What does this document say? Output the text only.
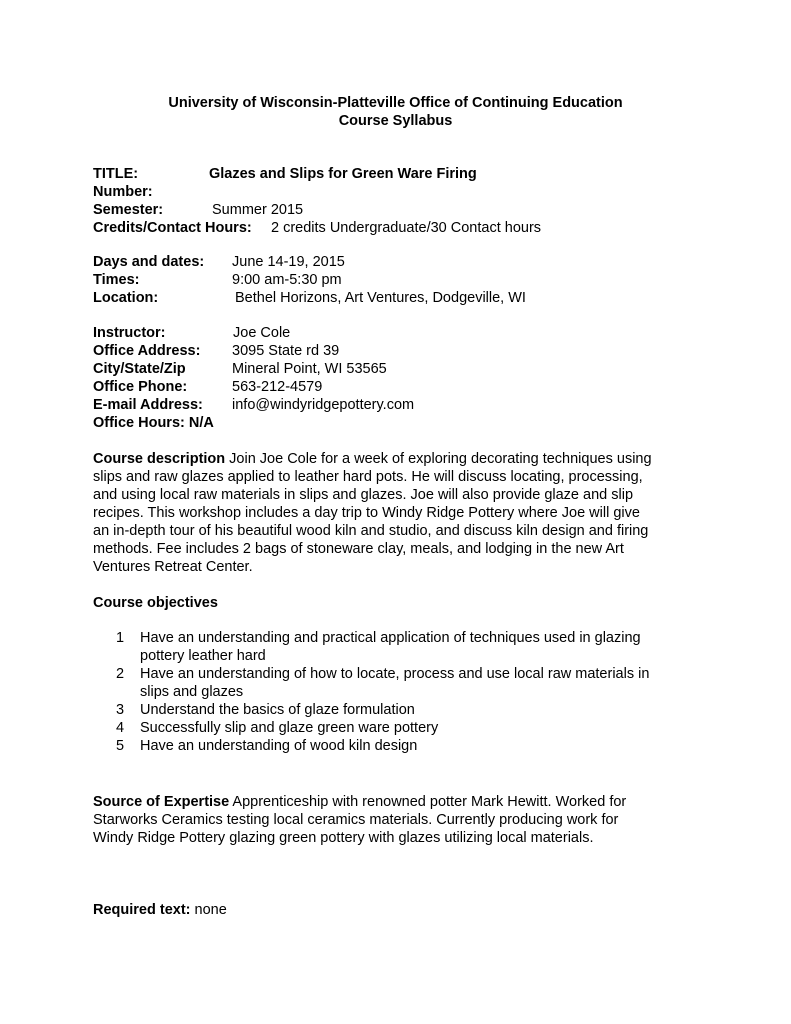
University of Wisconsin-Platteville Office of Continuing Education
Course Syllabus
TITLE:	Glazes and Slips for Green Ware Firing
Number:
Semester:	Summer 2015
Credits/Contact Hours: 2 credits Undergraduate/30 Contact hours
Days and dates: June 14-19, 2015
Times:	9:00 am-5:30 pm
Location:	Bethel Horizons, Art Ventures, Dodgeville, WI
Instructor:	Joe Cole
Office Address: 3095 State rd 39
City/State/Zip	Mineral Point, WI 53565
Office Phone:	563-212-4579
E-mail Address: info@windyridgepottery.com
Office Hours: N/A
Course description Join Joe Cole for a week of exploring decorating techniques using
slips and raw glazes applied to leather hard pots. He will discuss locating, processing,
and using local raw materials in slips and glazes. Joe will also provide glaze and slip
recipes. This workshop includes a day trip to Windy Ridge Pottery where Joe will give
an in-depth tour of his beautiful wood kiln and studio, and discuss kiln design and firing
methods. Fee includes 2 bags of stoneware clay, meals, and lodging in the new Art
Ventures Retreat Center.
Course objectives
1 Have an understanding and practical application of techniques used in glazing
pottery leather hard
2 Have an understanding of how to locate, process and use local raw materials in
slips and glazes
3 Understand the basics of glaze formulation
4 Successfully slip and glaze green ware pottery
5 Have an understanding of wood kiln design
Source of Expertise Apprenticeship with renowned potter Mark Hewitt. Worked for
Starworks Ceramics testing local ceramics materials. Currently producing work for
Windy Ridge Pottery glazing green pottery with glazes utilizing local materials.
Required text: none
